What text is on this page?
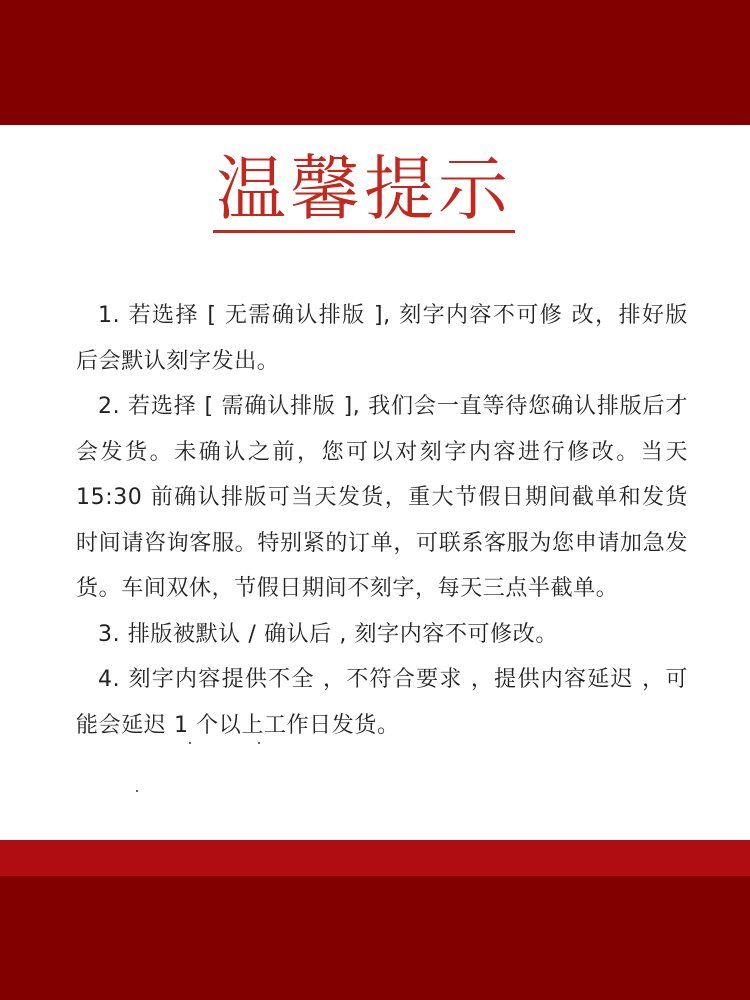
温馨提示

1. 若选择 [ 无需确认排版 ], 刻字内容不可修 改，排好版后会默认刻字发出。

2. 若选择 [ 需确认排版 ], 我们会一直等待您确认排版后才会发货。未确认之前，您可以对刻字内容进行修改。当天 15:30 前确认排版可当天发货，重大节假日期间截单和发货时间请咨询客服。特别紧的订单，可联系客服为您申请加急发货。车间双休，节假日期间不刻字，每天三点半截单。

3. 排版被默认 / 确认后 , 刻字内容不可修改。

4. 刻字内容提供不全 ，不符合要求 ，提供内容延迟 ，可能会延迟 1 个以上工作日发货。
